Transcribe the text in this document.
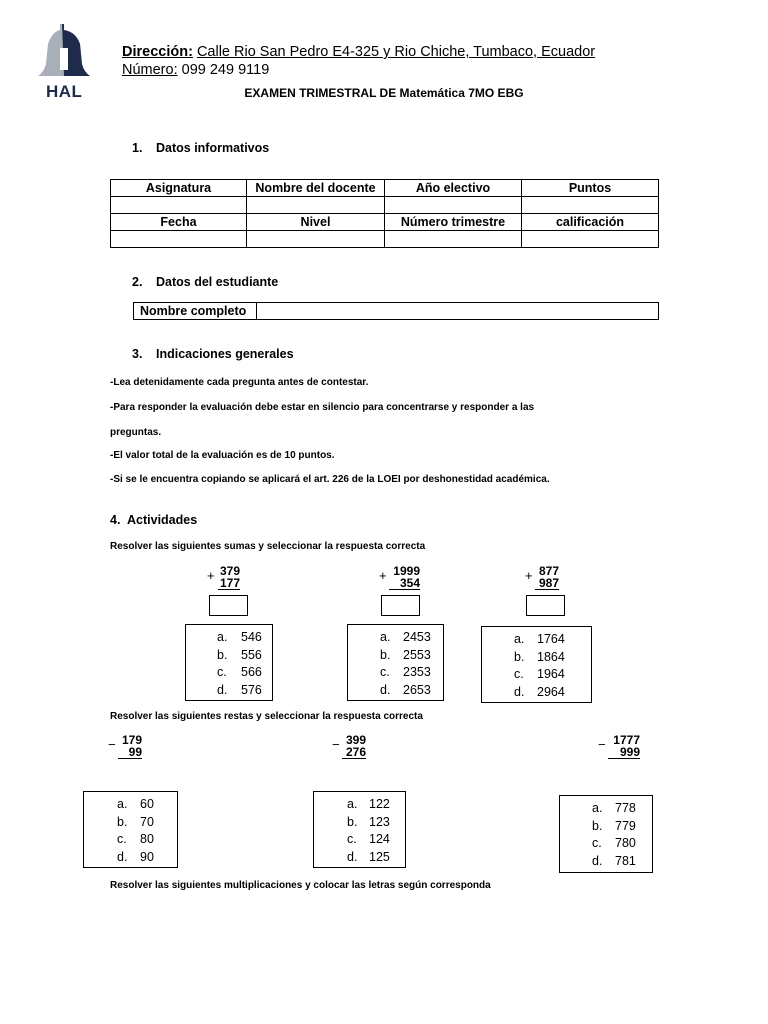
HAL
Dirección: Calle Rio San Pedro E4-325 y Rio Chiche, Tumbaco, Ecuador
Número: 099 249 9119
EXAMEN TRIMESTRAL DE Matemática 7MO EBG
1. Datos informativos
Asignatura	Nombre del docente	Año electivo	Puntos

Fecha	Nivel	Número trimestre	calificación

2. Datos del estudiante
Nombre completo	
3. Indicaciones generales
-Lea detenidamente cada pregunta antes de contestar.
-Para responder la evaluación debe estar en silencio para concentrarse y responder a las
preguntas.
-El valor total de la evaluación es de 10 puntos.
-Si se le encuentra copiando se aplicará el art. 226 de la LOEI por deshonestidad académica.
4. Actividades
Resolver las siguientes sumas y seleccionar la respuesta correcta
+ 379
177
a. 546
b. 556
c. 566
d. 576
+ 1999
354
a. 2453
b. 2553
c. 2353
d. 2653
+ 877
987
a. 1764
b. 1864
c. 1964
d. 2964
Resolver las siguientes restas y seleccionar la respuesta correcta
− 179
99
a. 60
b. 70
c. 80
d. 90
− 399
276
a. 122
b. 123
c. 124
d. 125
− 1777
999
a. 778
b. 779
c. 780
d. 781
Resolver las siguientes multiplicaciones y colocar las letras según corresponda
